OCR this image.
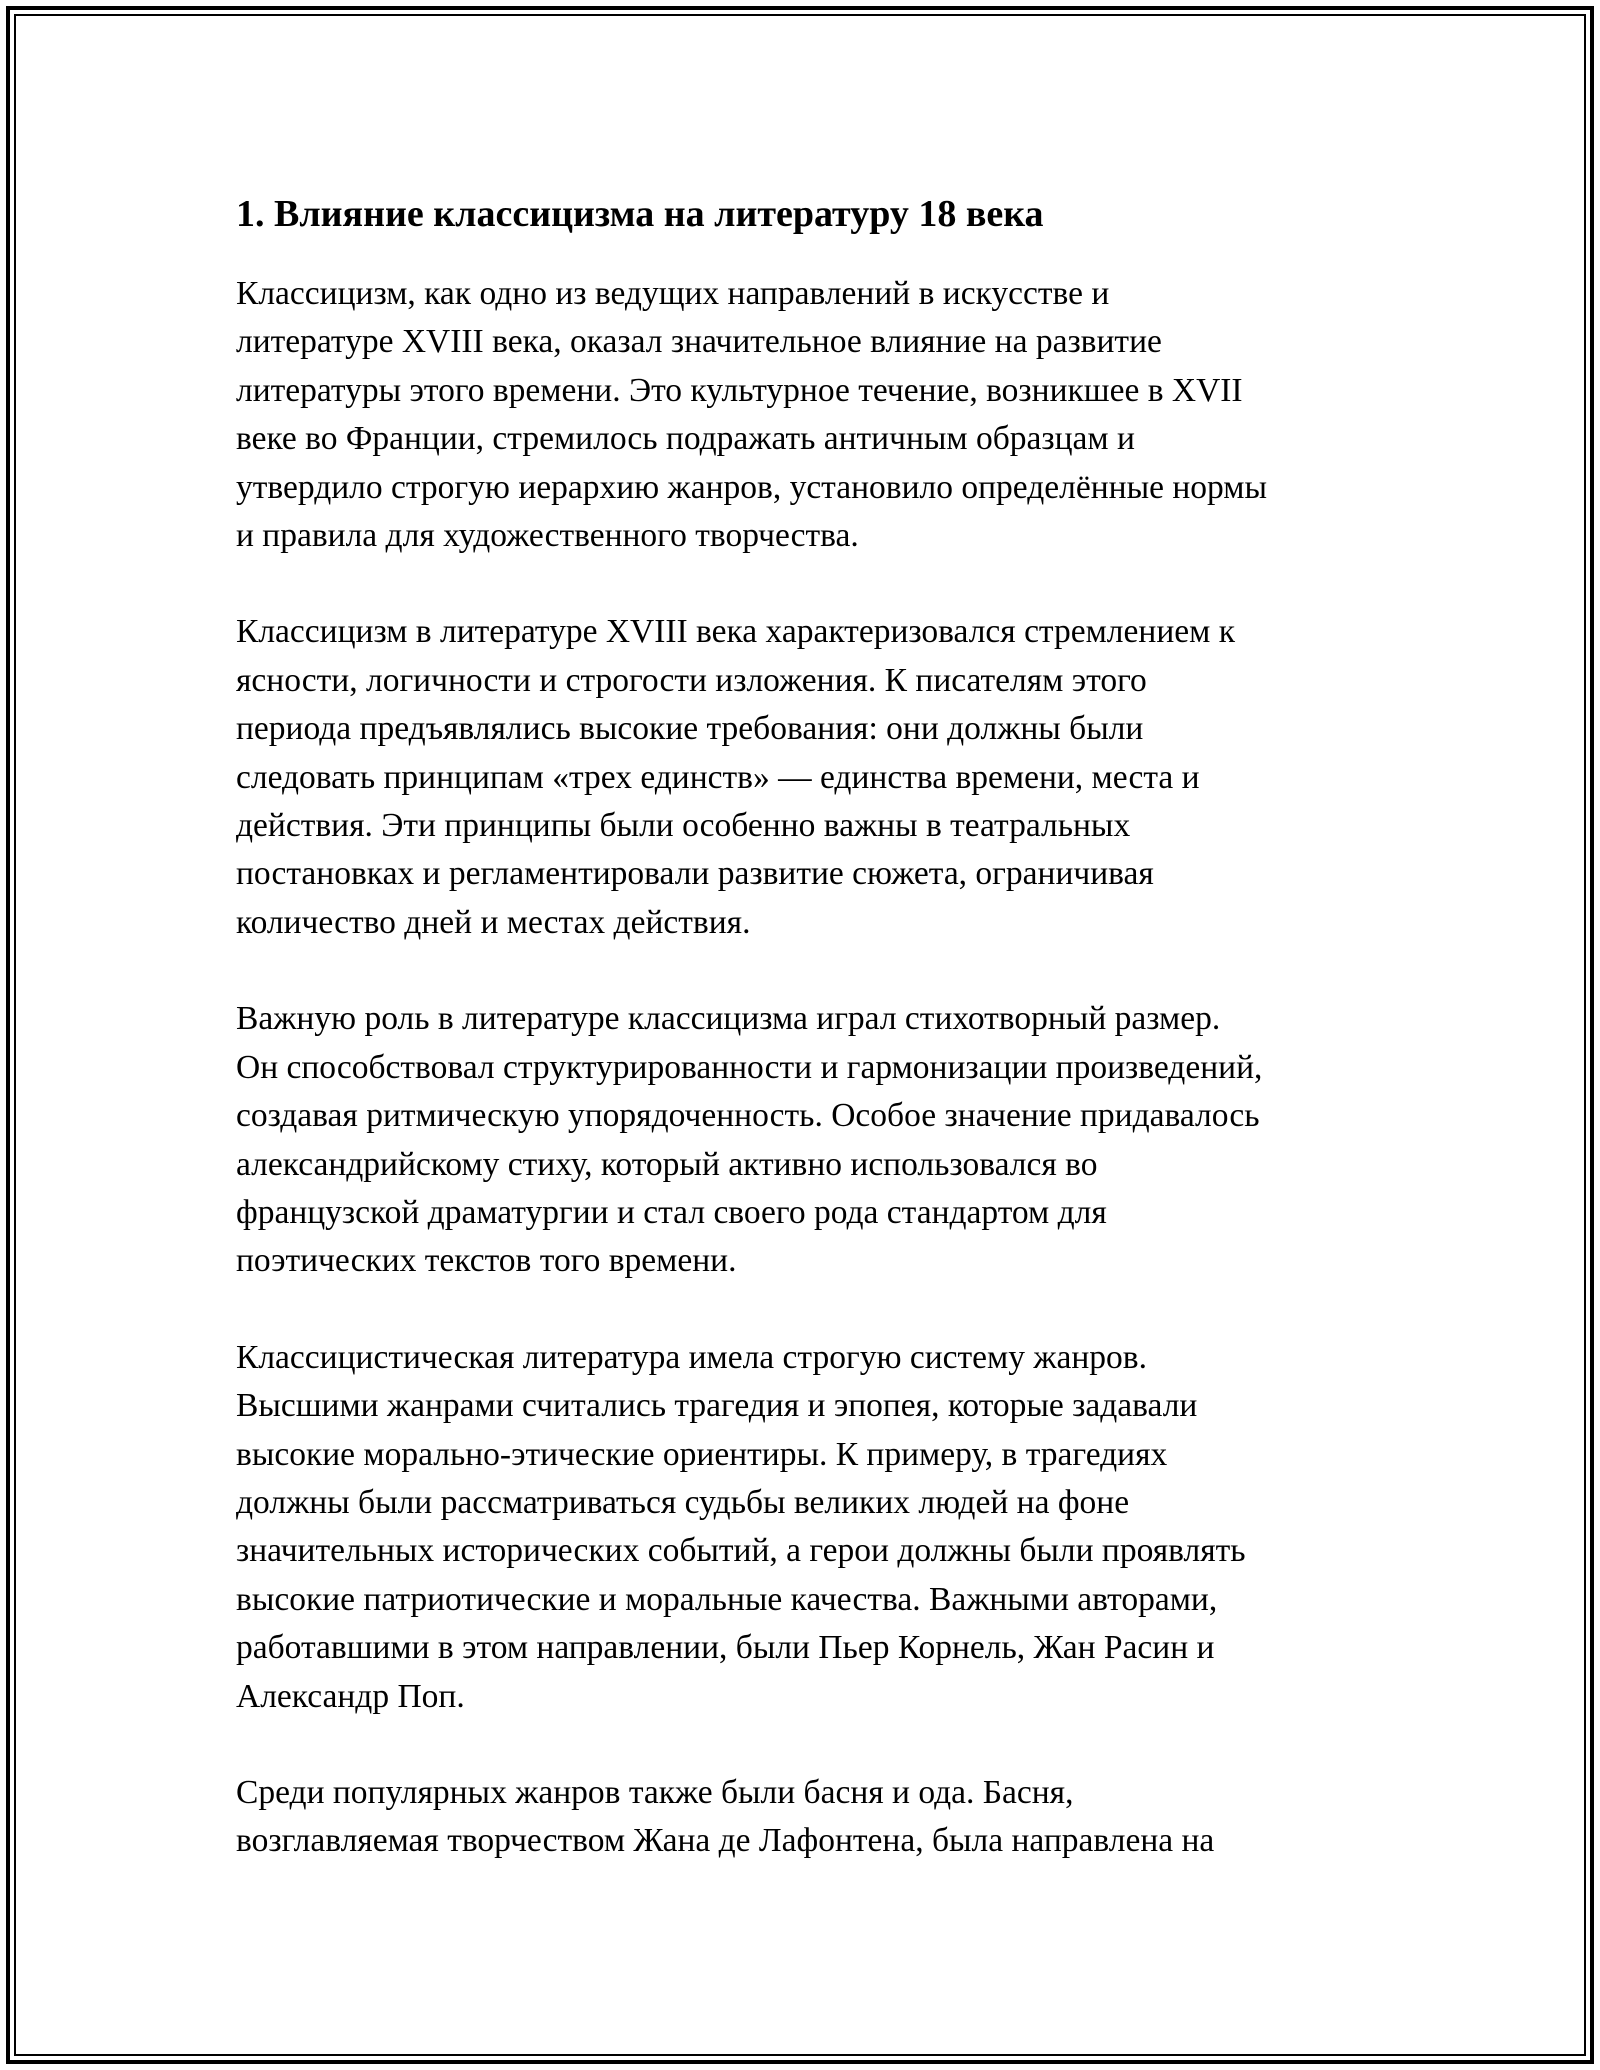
1. Влияние классицизма на литературу 18 века

Классицизм, как одно из ведущих направлений в искусстве и
литературе XVIII века, оказал значительное влияние на развитие
литературы этого времени. Это культурное течение, возникшее в XVII
веке во Франции, стремилось подражать античным образцам и
утвердило строгую иерархию жанров, установило определённые нормы
и правила для художественного творчества.

Классицизм в литературе XVIII века характеризовался стремлением к
ясности, логичности и строгости изложения. К писателям этого
периода предъявлялись высокие требования: они должны были
следовать принципам «трех единств» — единства времени, места и
действия. Эти принципы были особенно важны в театральных
постановках и регламентировали развитие сюжета, ограничивая
количество дней и местах действия.

Важную роль в литературе классицизма играл стихотворный размер.
Он способствовал структурированности и гармонизации произведений,
создавая ритмическую упорядоченность. Особое значение придавалось
александрийскому стиху, который активно использовался во
французской драматургии и стал своего рода стандартом для
поэтических текстов того времени.

Классицистическая литература имела строгую систему жанров.
Высшими жанрами считались трагедия и эпопея, которые задавали
высокие морально-этические ориентиры. К примеру, в трагедиях
должны были рассматриваться судьбы великих людей на фоне
значительных исторических событий, а герои должны были проявлять
высокие патриотические и моральные качества. Важными авторами,
работавшими в этом направлении, были Пьер Корнель, Жан Расин и
Александр Поп.

Среди популярных жанров также были басня и ода. Басня,
возглавляемая творчеством Жана де Лафонтена, была направлена на
